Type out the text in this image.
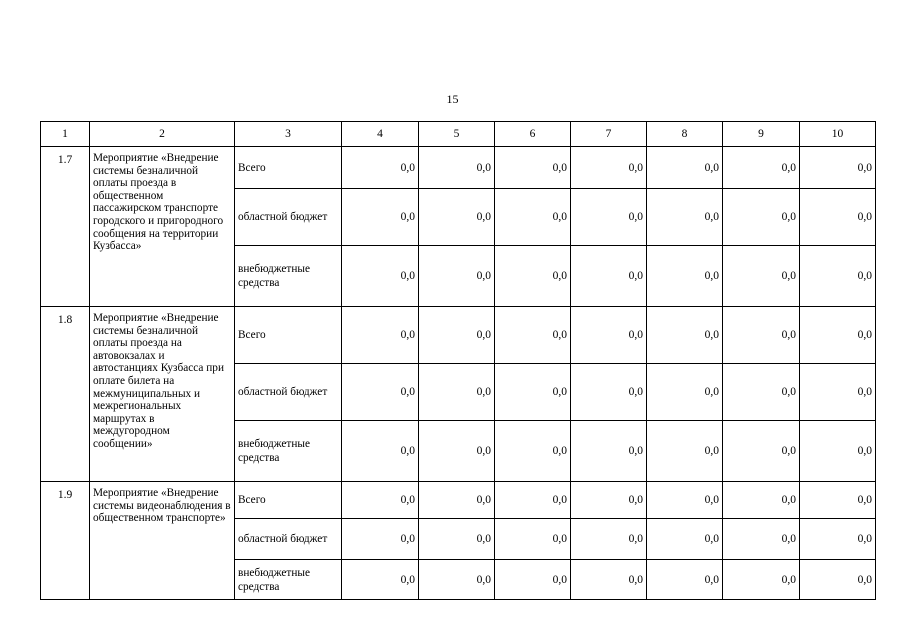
15
1	2	3	4	5	6	7	8	9	10
1.7	Мероприятие «Внедрение системы безналичной оплаты проезда в общественном пассажирском транспорте городского и пригородного сообщения на территории Кузбасса»	Всего	0,0	0,0	0,0	0,0	0,0	0,0	0,0
		областной бюджет	0,0	0,0	0,0	0,0	0,0	0,0	0,0
		внебюджетные средства	0,0	0,0	0,0	0,0	0,0	0,0	0,0
1.8	Мероприятие «Внедрение системы безналичной оплаты проезда на автовокзалах и автостанциях Кузбасса при оплате билета на межмуниципальных и межрегиональных маршрутах в междугородном сообщении»	Всего	0,0	0,0	0,0	0,0	0,0	0,0	0,0
		областной бюджет	0,0	0,0	0,0	0,0	0,0	0,0	0,0
		внебюджетные средства	0,0	0,0	0,0	0,0	0,0	0,0	0,0
1.9	Мероприятие «Внедрение системы видеонаблюдения в общественном транспорте»	Всего	0,0	0,0	0,0	0,0	0,0	0,0	0,0
		областной бюджет	0,0	0,0	0,0	0,0	0,0	0,0	0,0
		внебюджетные средства	0,0	0,0	0,0	0,0	0,0	0,0	0,0
